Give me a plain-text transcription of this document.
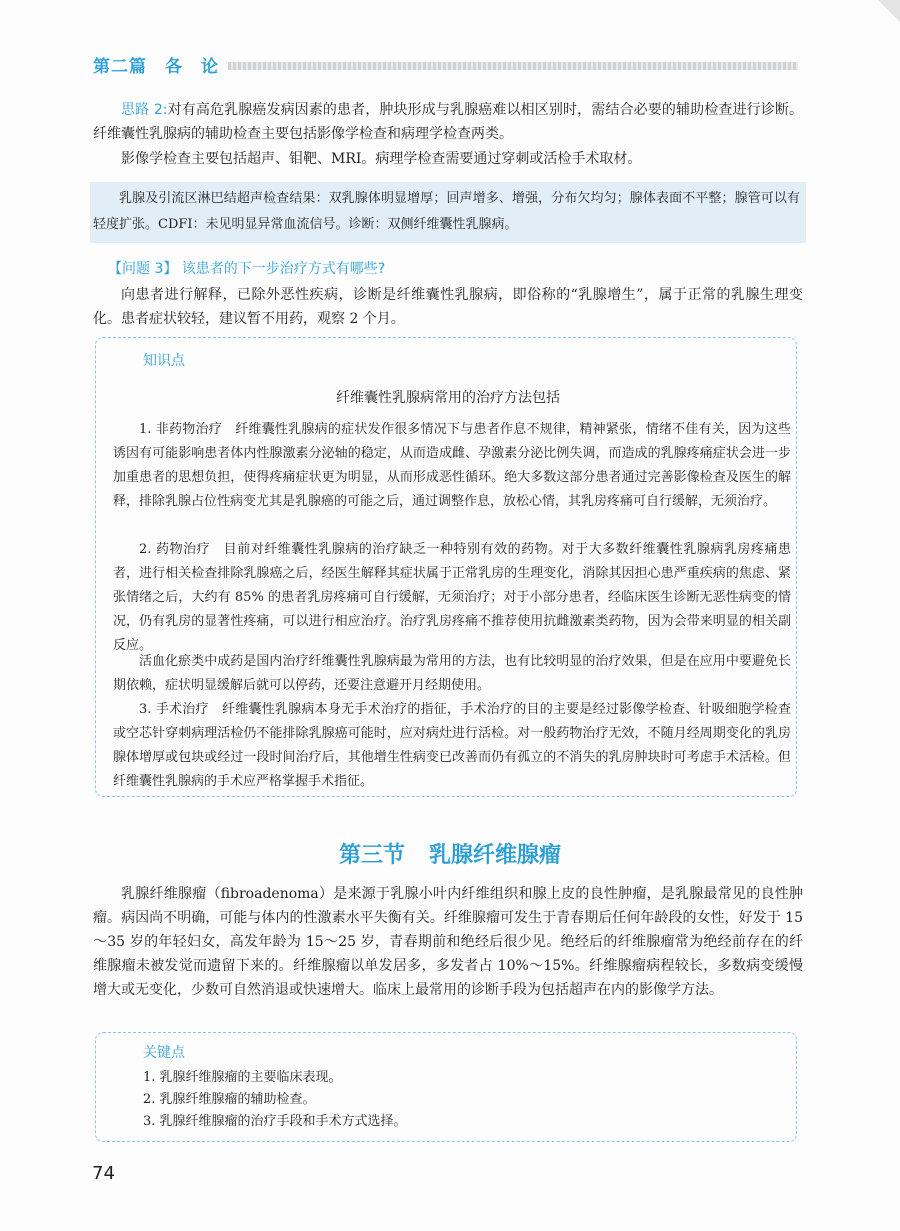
第二篇　各　论
思路 2:对有高危乳腺癌发病因素的患者，肿块形成与乳腺癌难以相区别时，需结合必要的辅助检查进行诊断。纤维囊性乳腺病的辅助检查主要包括影像学检查和病理学检查两类。
影像学检查主要包括超声、钼靶、MRI。病理学检查需要通过穿刺或活检手术取材。
乳腺及引流区淋巴结超声检查结果：双乳腺体明显增厚；回声增多、增强，分布欠均匀；腺体表面不平整；腺管可以有轻度扩张。CDFI：未见明显异常血流信号。诊断：双侧纤维囊性乳腺病。
【问题 3】 该患者的下一步治疗方式有哪些?
向患者进行解释，已除外恶性疾病，诊断是纤维囊性乳腺病，即俗称的“乳腺增生”，属于正常的乳腺生理变化。患者症状较轻，建议暂不用药，观察 2 个月。
知识点
纤维囊性乳腺病常用的治疗方法包括
1. 非药物治疗　 纤维囊性乳腺病的症状发作很多情况下与患者作息不规律，精神紧张，情绪不佳有关，因为这些诱因有可能影响患者体内性腺激素分泌轴的稳定，从而造成雌、孕激素分泌比例失调，而造成的乳腺疼痛症状会进一步加重患者的思想负担，使得疼痛症状更为明显，从而形成恶性循环。绝大多数这部分患者通过完善影像检查及医生的解释，排除乳腺占位性病变尤其是乳腺癌的可能之后，通过调整作息，放松心情，其乳房疼痛可自行缓解，无须治疗。
2. 药物治疗　 目前对纤维囊性乳腺病的治疗缺乏一种特别有效的药物。对于大多数纤维囊性乳腺病乳房疼痛患者，进行相关检查排除乳腺癌之后，经医生解释其症状属于正常乳房的生理变化，消除其因担心患严重疾病的焦虑、紧张情绪之后，大约有 85% 的患者乳房疼痛可自行缓解，无须治疗；对于小部分患者，经临床医生诊断无恶性病变的情况，仍有乳房的显著性疼痛，可以进行相应治疗。治疗乳房疼痛不推荐使用抗雌激素类药物，因为会带来明显的相关副反应。
活血化瘀类中成药是国内治疗纤维囊性乳腺病最为常用的方法，也有比较明显的治疗效果，但是在应用中要避免长期依赖，症状明显缓解后就可以停药，还要注意避开月经期使用。
3. 手术治疗　 纤维囊性乳腺病本身无手术治疗的指征，手术治疗的目的主要是经过影像学检查、针吸细胞学检查或空芯针穿刺病理活检仍不能排除乳腺癌可能时，应对病灶进行活检。对一般药物治疗无效，不随月经周期变化的乳房腺体增厚或包块或经过一段时间治疗后，其他增生性病变已改善而仍有孤立的不消失的乳房肿块时可考虑手术活检。但纤维囊性乳腺病的手术应严格掌握手术指征。
第三节 乳腺纤维腺瘤
乳腺纤维腺瘤（fibroadenoma）是来源于乳腺小叶内纤维组织和腺上皮的良性肿瘤，是乳腺最常见的良性肿瘤。病因尚不明确，可能与体内的性激素水平失衡有关。纤维腺瘤可发生于青春期后任何年龄段的女性，好发于 15～35 岁的年轻妇女，高发年龄为 15～25 岁，青春期前和绝经后很少见。绝经后的纤维腺瘤常为绝经前存在的纤维腺瘤未被发觉而遗留下来的。纤维腺瘤以单发居多，多发者占 10%～15%。纤维腺瘤病程较长，多数病变缓慢增大或无变化，少数可自然消退或快速增大。临床上最常用的诊断手段为包括超声在内的影像学方法。
关键点
1. 乳腺纤维腺瘤的主要临床表现。
2. 乳腺纤维腺瘤的辅助检查。
3. 乳腺纤维腺瘤的治疗手段和手术方式选择。
74
